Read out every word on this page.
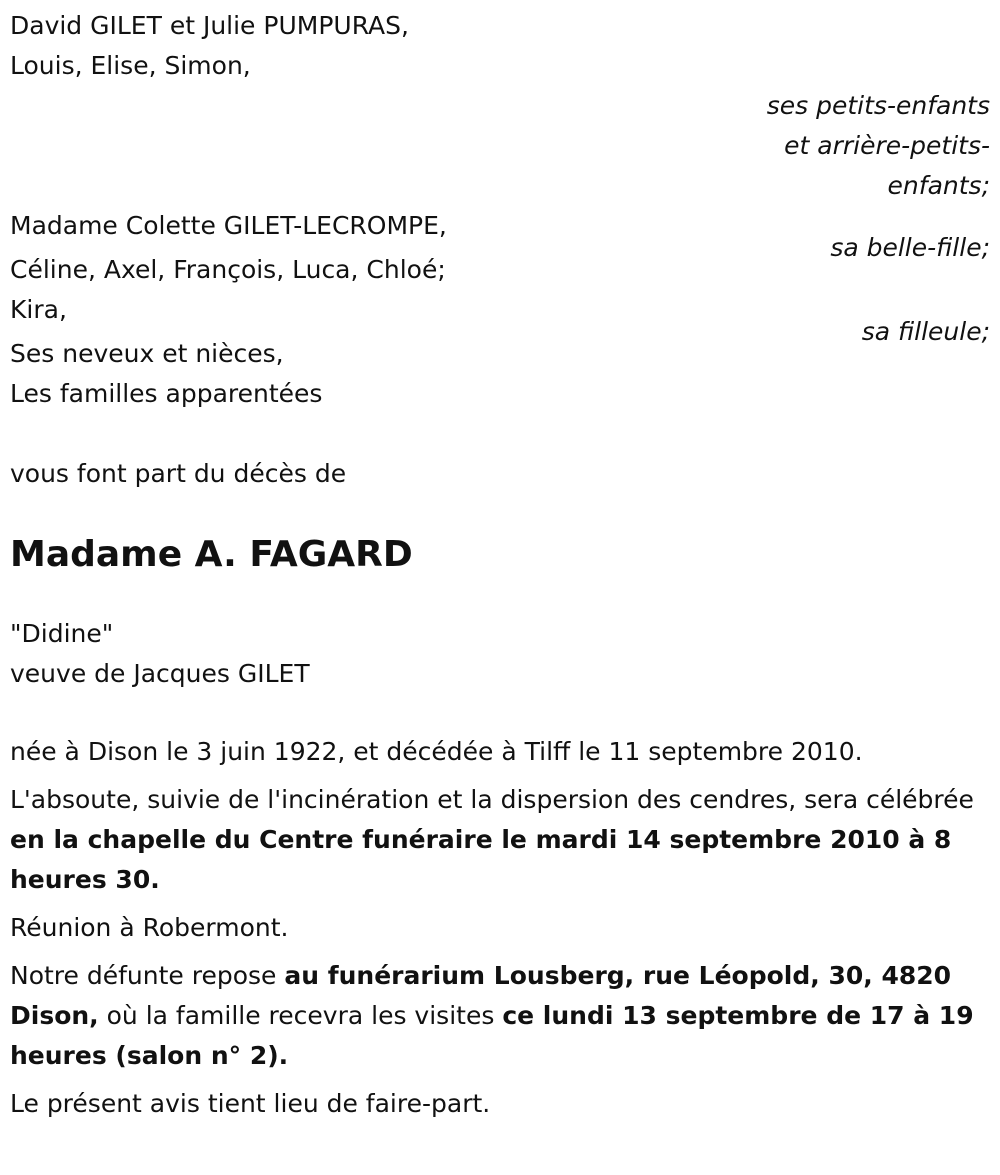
David GILET et Julie PUMPURAS,
Louis, Elise, Simon,
ses petits-enfants
et arrière-petits-
enfants;
Madame Colette GILET-LECROMPE,
sa belle-fille;
Céline, Axel, François, Luca, Chloé;
Kira,
sa filleule;
Ses neveux et nièces,
Les familles apparentées
vous font part du décès de
Madame A. FAGARD
"Didine"
veuve de Jacques GILET

née à Dison le 3 juin 1922, et décédée à Tilff le 11 septembre 2010.

L'absoute, suivie de l'incinération et la dispersion des cendres, sera célébrée en la chapelle du Centre funéraire le mardi 14 septembre 2010 à 8 heures 30.

Réunion à Robermont.

Notre défunte repose au funérarium Lousberg, rue Léopold, 30, 4820 Dison, où la famille recevra les visites ce lundi 13 septembre de 17 à 19 heures (salon n° 2).

Le présent avis tient lieu de faire-part.
